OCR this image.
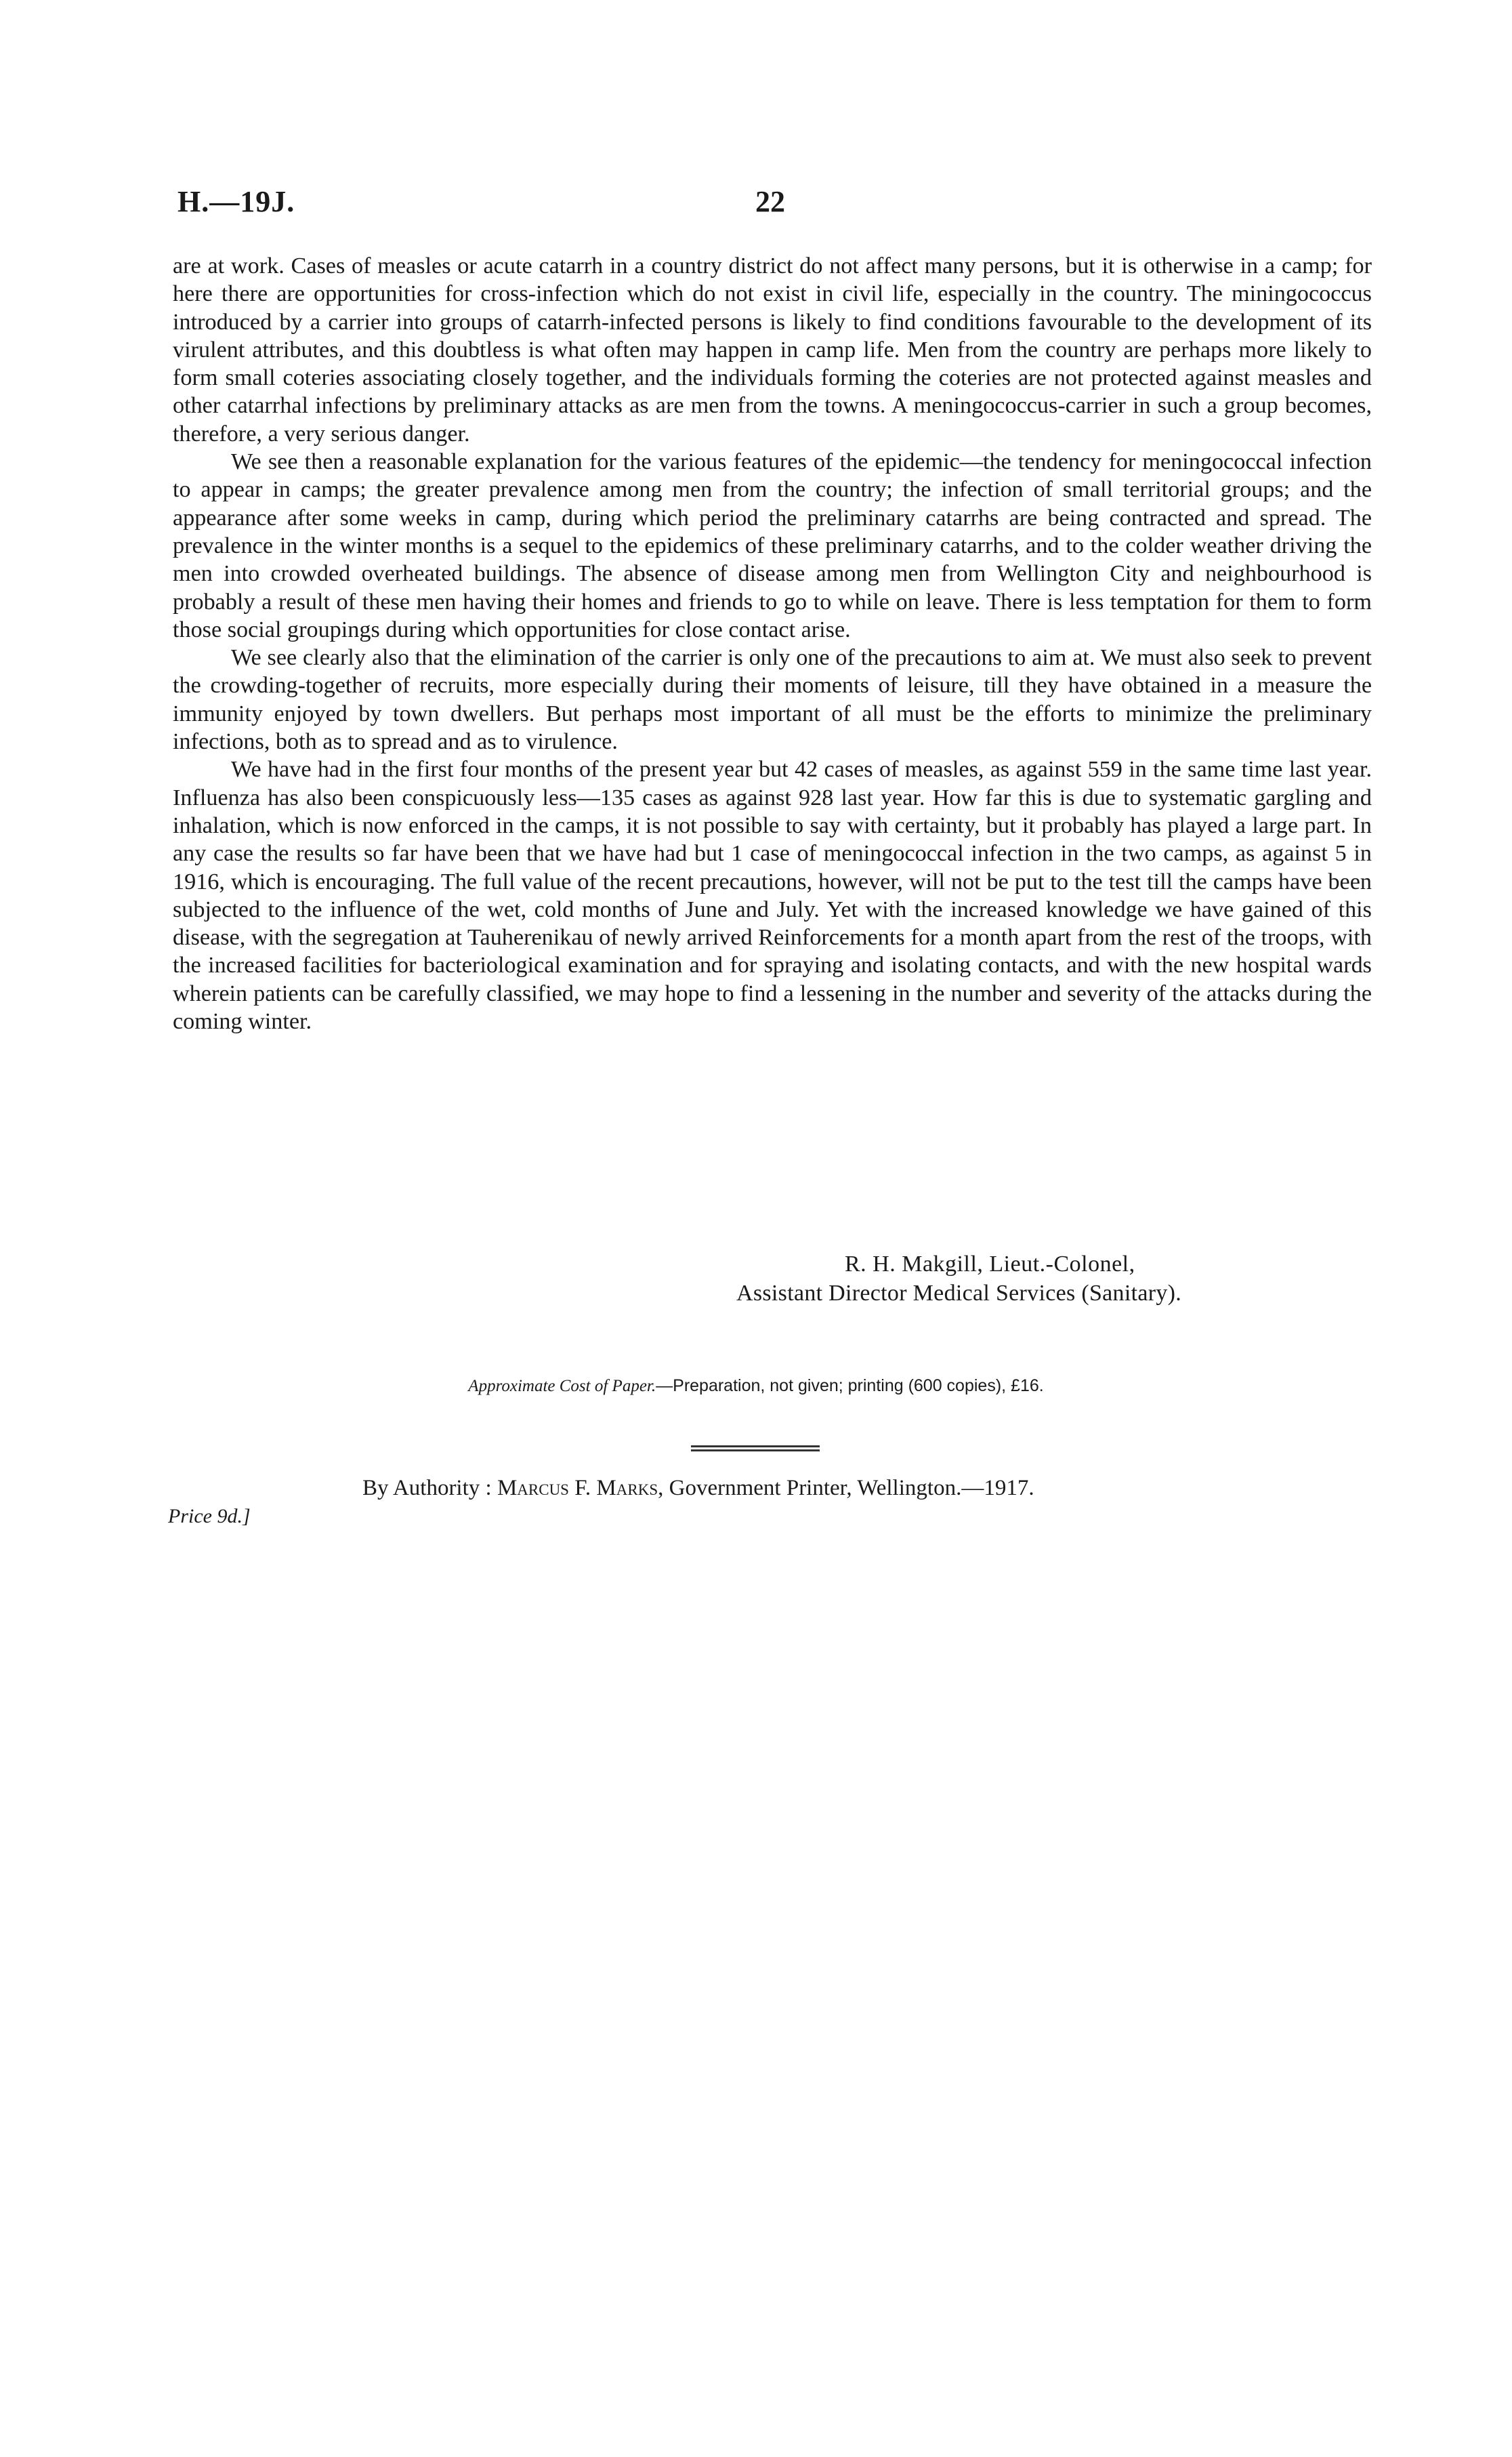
H.—19J.	22

are at work. Cases of measles or acute catarrh in a country district do not affect many persons, but it is otherwise in a camp; for here there are opportunities for cross-infection which do not exist in civil life, especially in the country. The miningococcus introduced by a carrier into groups of catarrh-infected persons is likely to find conditions favourable to the development of its virulent attributes, and this doubtless is what often may happen in camp life. Men from the country are perhaps more likely to form small coteries associating closely together, and the individuals forming the coteries are not protected against measles and other catarrhal infections by preliminary attacks as are men from the towns. A meningococcus-carrier in such a group becomes, therefore, a very serious danger.

We see then a reasonable explanation for the various features of the epidemic—the tendency for meningococcal infection to appear in camps; the greater prevalence among men from the country; the infection of small territorial groups; and the appearance after some weeks in camp, during which period the preliminary catarrhs are being contracted and spread. The prevalence in the winter months is a sequel to the epidemics of these preliminary catarrhs, and to the colder weather driving the men into crowded overheated buildings. The absence of disease among men from Wellington City and neighbourhood is probably a result of these men having their homes and friends to go to while on leave. There is less temptation for them to form those social groupings during which opportunities for close contact arise.

We see clearly also that the elimination of the carrier is only one of the precautions to aim at. We must also seek to prevent the crowding-together of recruits, more especially during their moments of leisure, till they have obtained in a measure the immunity enjoyed by town dwellers. But perhaps most important of all must be the efforts to minimize the preliminary infections, both as to spread and as to virulence.

We have had in the first four months of the present year but 42 cases of measles, as against 559 in the same time last year. Influenza has also been conspicuously less—135 cases as against 928 last year. How far this is due to systematic gargling and inhalation, which is now enforced in the camps, it is not possible to say with certainty, but it probably has played a large part. In any case the results so far have been that we have had but 1 case of meningococcal infection in the two camps, as against 5 in 1916, which is encouraging. The full value of the recent precautions, however, will not be put to the test till the camps have been subjected to the influence of the wet, cold months of June and July. Yet with the increased knowledge we have gained of this disease, with the segregation at Tauherenikau of newly arrived Reinforcements for a month apart from the rest of the troops, with the increased facilities for bacteriological examination and for spraying and isolating contacts, and with the new hospital wards wherein patients can be carefully classified, we may hope to find a lessening in the number and severity of the attacks during the coming winter.

R. H. Makgill, Lieut.-Colonel,
Assistant Director Medical Services (Sanitary).
Approximate Cost of Paper.—Preparation, not given; printing (600 copies), £16.
By Authority : Marcus F. Marks, Government Printer, Wellington.—1917.
Price 9d.]
